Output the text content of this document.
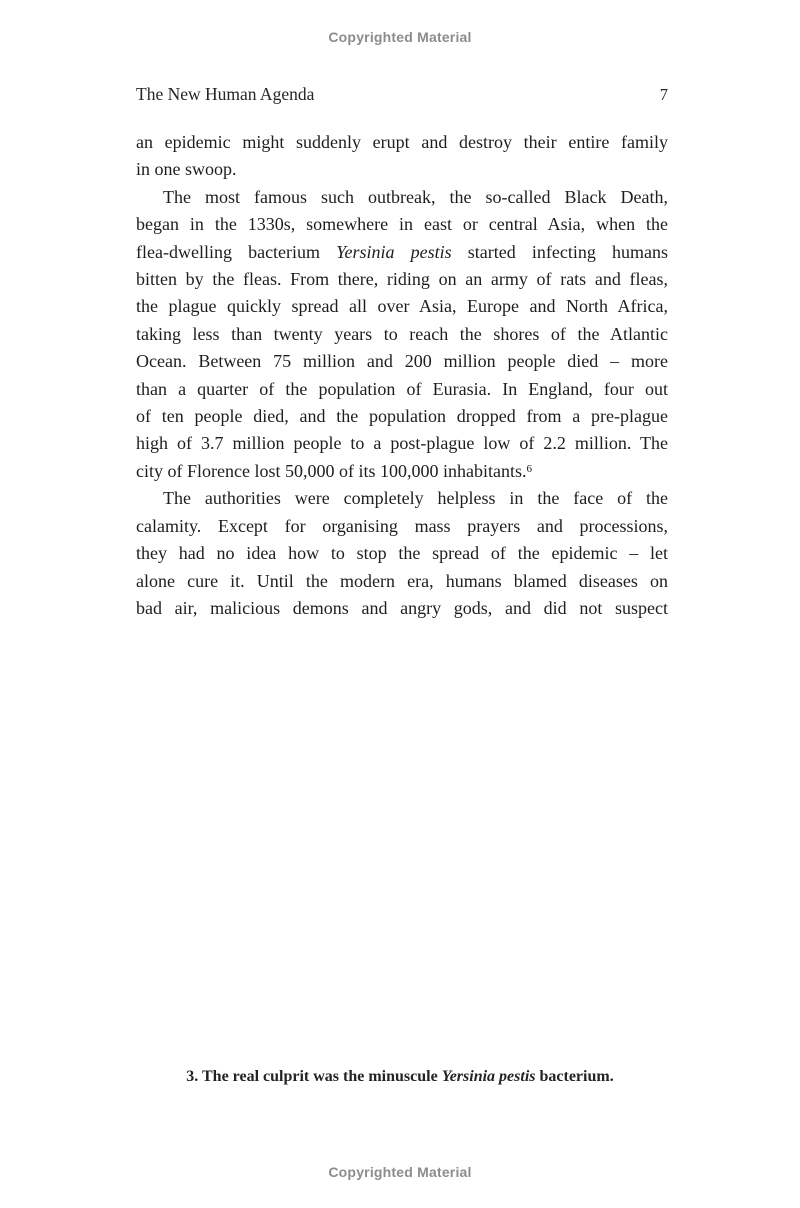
Copyrighted Material
The New Human Agenda	7
an epidemic might suddenly erupt and destroy their entire family
in one swoop.
The most famous such outbreak, the so-called Black Death,
began in the 1330s, somewhere in east or central Asia, when the
flea-dwelling bacterium Yersinia pestis started infecting humans
bitten by the fleas. From there, riding on an army of rats and fleas,
the plague quickly spread all over Asia, Europe and North Africa,
taking less than twenty years to reach the shores of the Atlantic
Ocean. Between 75 million and 200 million people died – more
than a quarter of the population of Eurasia. In England, four out
of ten people died, and the population dropped from a pre-plague
high of 3.7 million people to a post-plague low of 2.2 million. The
city of Florence lost 50,000 of its 100,000 inhabitants.$^6$
The authorities were completely helpless in the face of the
calamity. Except for organising mass prayers and processions,
they had no idea how to stop the spread of the epidemic – let
alone cure it. Until the modern era, humans blamed diseases on
bad air, malicious demons and angry gods, and did not suspect
3. The real culprit was the minuscule Yersinia pestis bacterium.
Copyrighted Material
